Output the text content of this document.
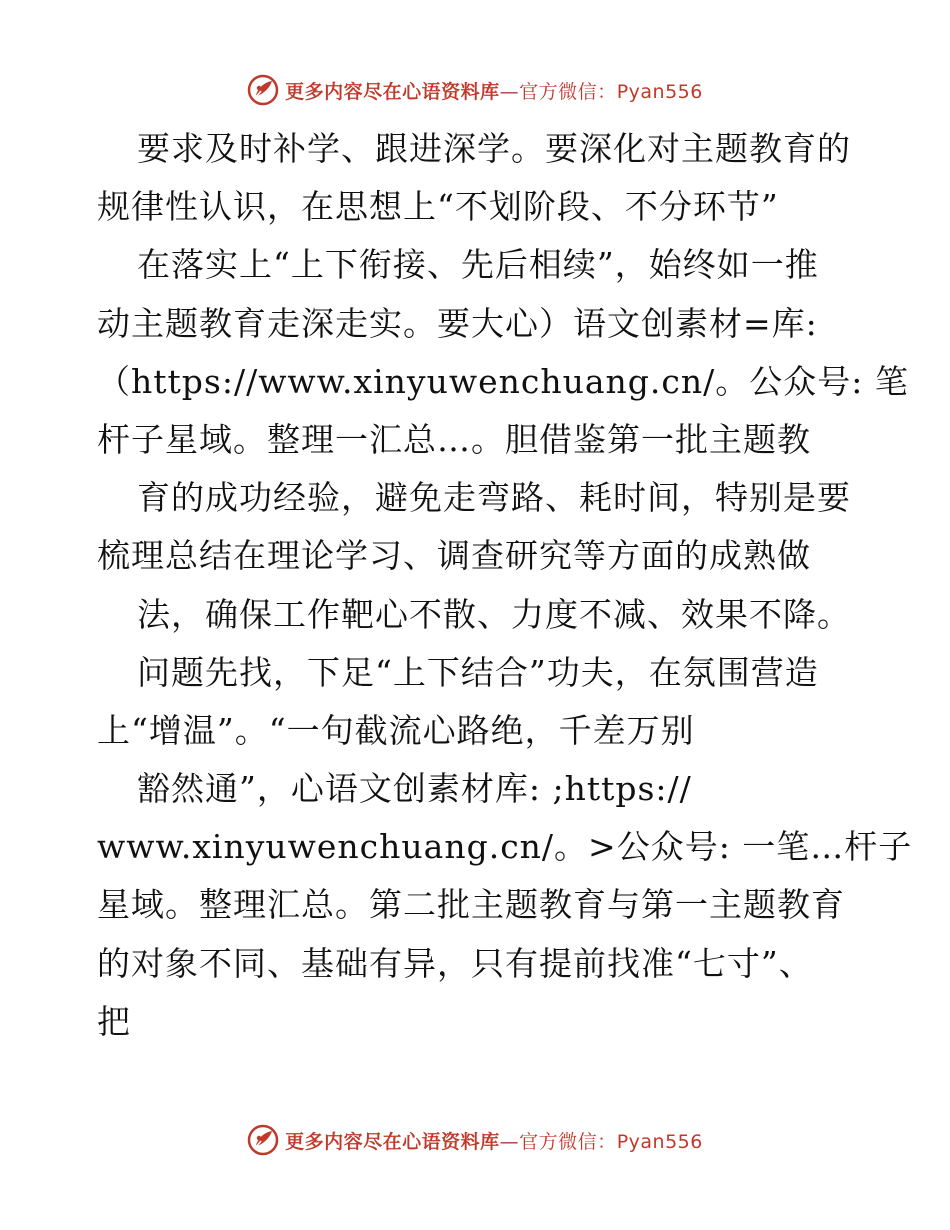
更多内容尽在心语资料库—官方微信：Pyan556
要求及时补学、跟进深学。要深化对主题教育的
规律性认识，在思想上“不划阶段、不分环节”
在落实上“上下衔接、先后相续”，始终如一推
动主题教育走深走实。要大心）语文创素材=库:
（https://www.xinyuwenchuang.cn/。公众号: 笔
杆子星域。整理一汇总…。胆借鉴第一批主题教
育的成功经验，避免走弯路、耗时间，特别是要
梳理总结在理论学习、调查研究等方面的成熟做
法，确保工作靶心不散、力度不减、效果不降。
问题先找，下足“上下结合”功夫，在氛围营造
上“增温”。“一句截流心路绝，千差万别
豁然通”，心语文创素材库: ;https://
www.xinyuwenchuang.cn/。>公众号: 一笔…杆子
星域。整理汇总。第二批主题教育与第一主题教育
的对象不同、基础有异，只有提前找准“七寸”、
把
更多内容尽在心语资料库—官方微信：Pyan556
